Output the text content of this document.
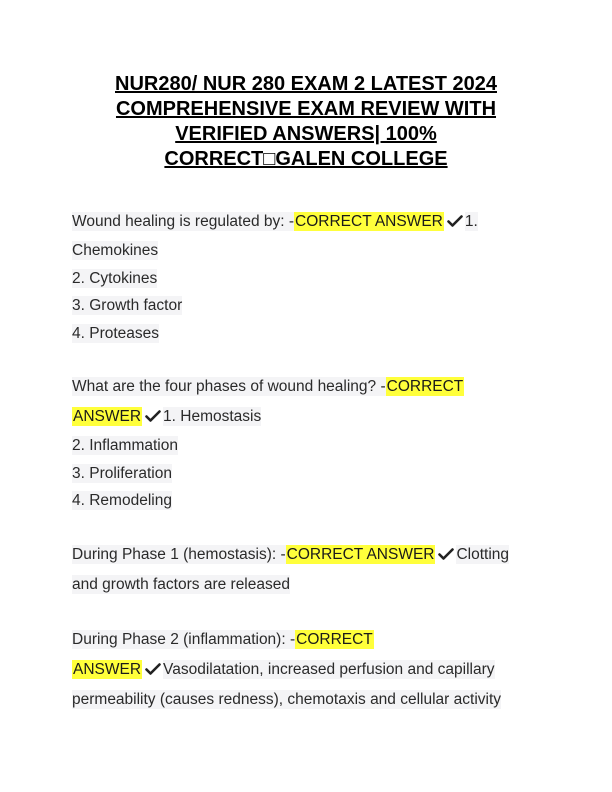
NUR280/ NUR 280 EXAM 2 LATEST 2024
COMPREHENSIVE EXAM REVIEW WITH
VERIFIED ANSWERS| 100%
CORRECT□GALEN COLLEGE
Wound healing is regulated by: -CORRECT ANSWER 1.
Chemokines
2. Cytokines
3. Growth factor
4. Proteases
What are the four phases of wound healing? -CORRECT
ANSWER 1. Hemostasis
2. Inflammation
3. Proliferation
4. Remodeling
During Phase 1 (hemostasis): -CORRECT ANSWER Clotting
and growth factors are released
During Phase 2 (inflammation): -CORRECT
ANSWER Vasodilatation, increased perfusion and capillary
permeability (causes redness), chemotaxis and cellular activity
